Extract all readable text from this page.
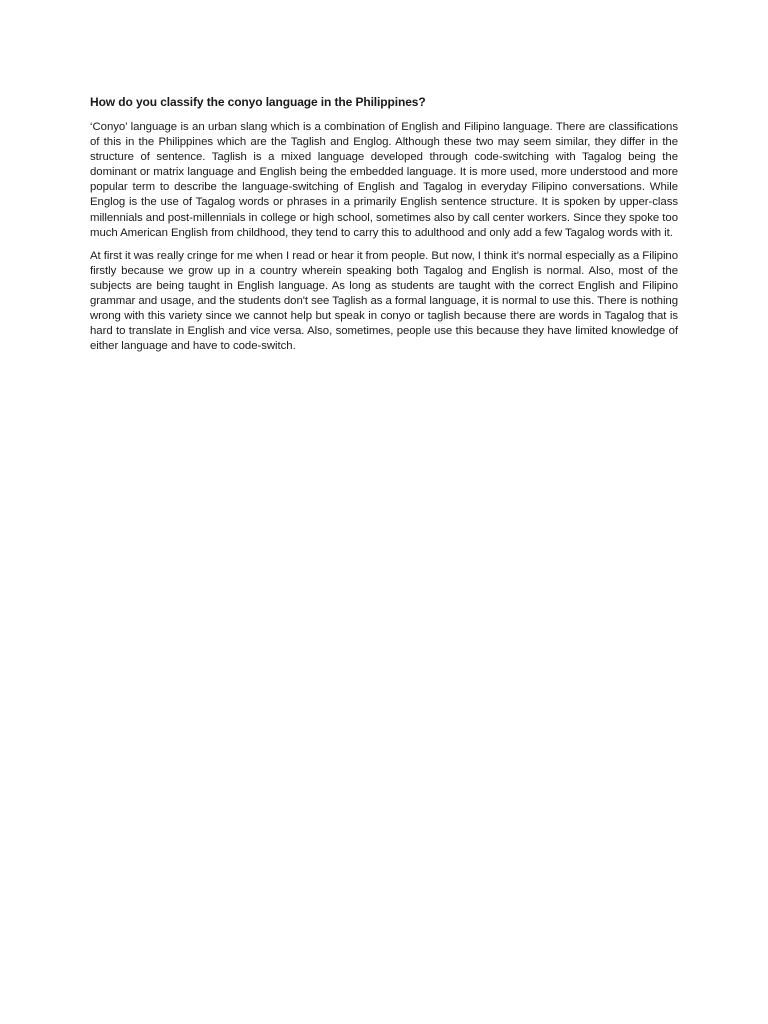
How do you classify the conyo language in the Philippines?

‘Conyo’ language is an urban slang which is a combination of English and Filipino language. There are classifications of this in the Philippines which are the Taglish and Englog. Although these two may seem similar, they differ in the structure of sentence. Taglish is a mixed language developed through code-switching with Tagalog being the dominant or matrix language and English being the embedded language. It is more used, more understood and more popular term to describe the language-switching of English and Tagalog in everyday Filipino conversations. While Englog is the use of Tagalog words or phrases in a primarily English sentence structure. It is spoken by upper-class millennials and post-millennials in college or high school, sometimes also by call center workers. Since they spoke too much American English from childhood, they tend to carry this to adulthood and only add a few Tagalog words with it.

At first it was really cringe for me when I read or hear it from people. But now, I think it’s normal especially as a Filipino firstly because we grow up in a country wherein speaking both Tagalog and English is normal. Also, most of the subjects are being taught in English language. As long as students are taught with the correct English and Filipino grammar and usage, and the students don't see Taglish as a formal language, it is normal to use this. There is nothing wrong with this variety since we cannot help but speak in conyo or taglish because there are words in Tagalog that is hard to translate in English and vice versa. Also, sometimes, people use this because they have limited knowledge of either language and have to code-switch.
